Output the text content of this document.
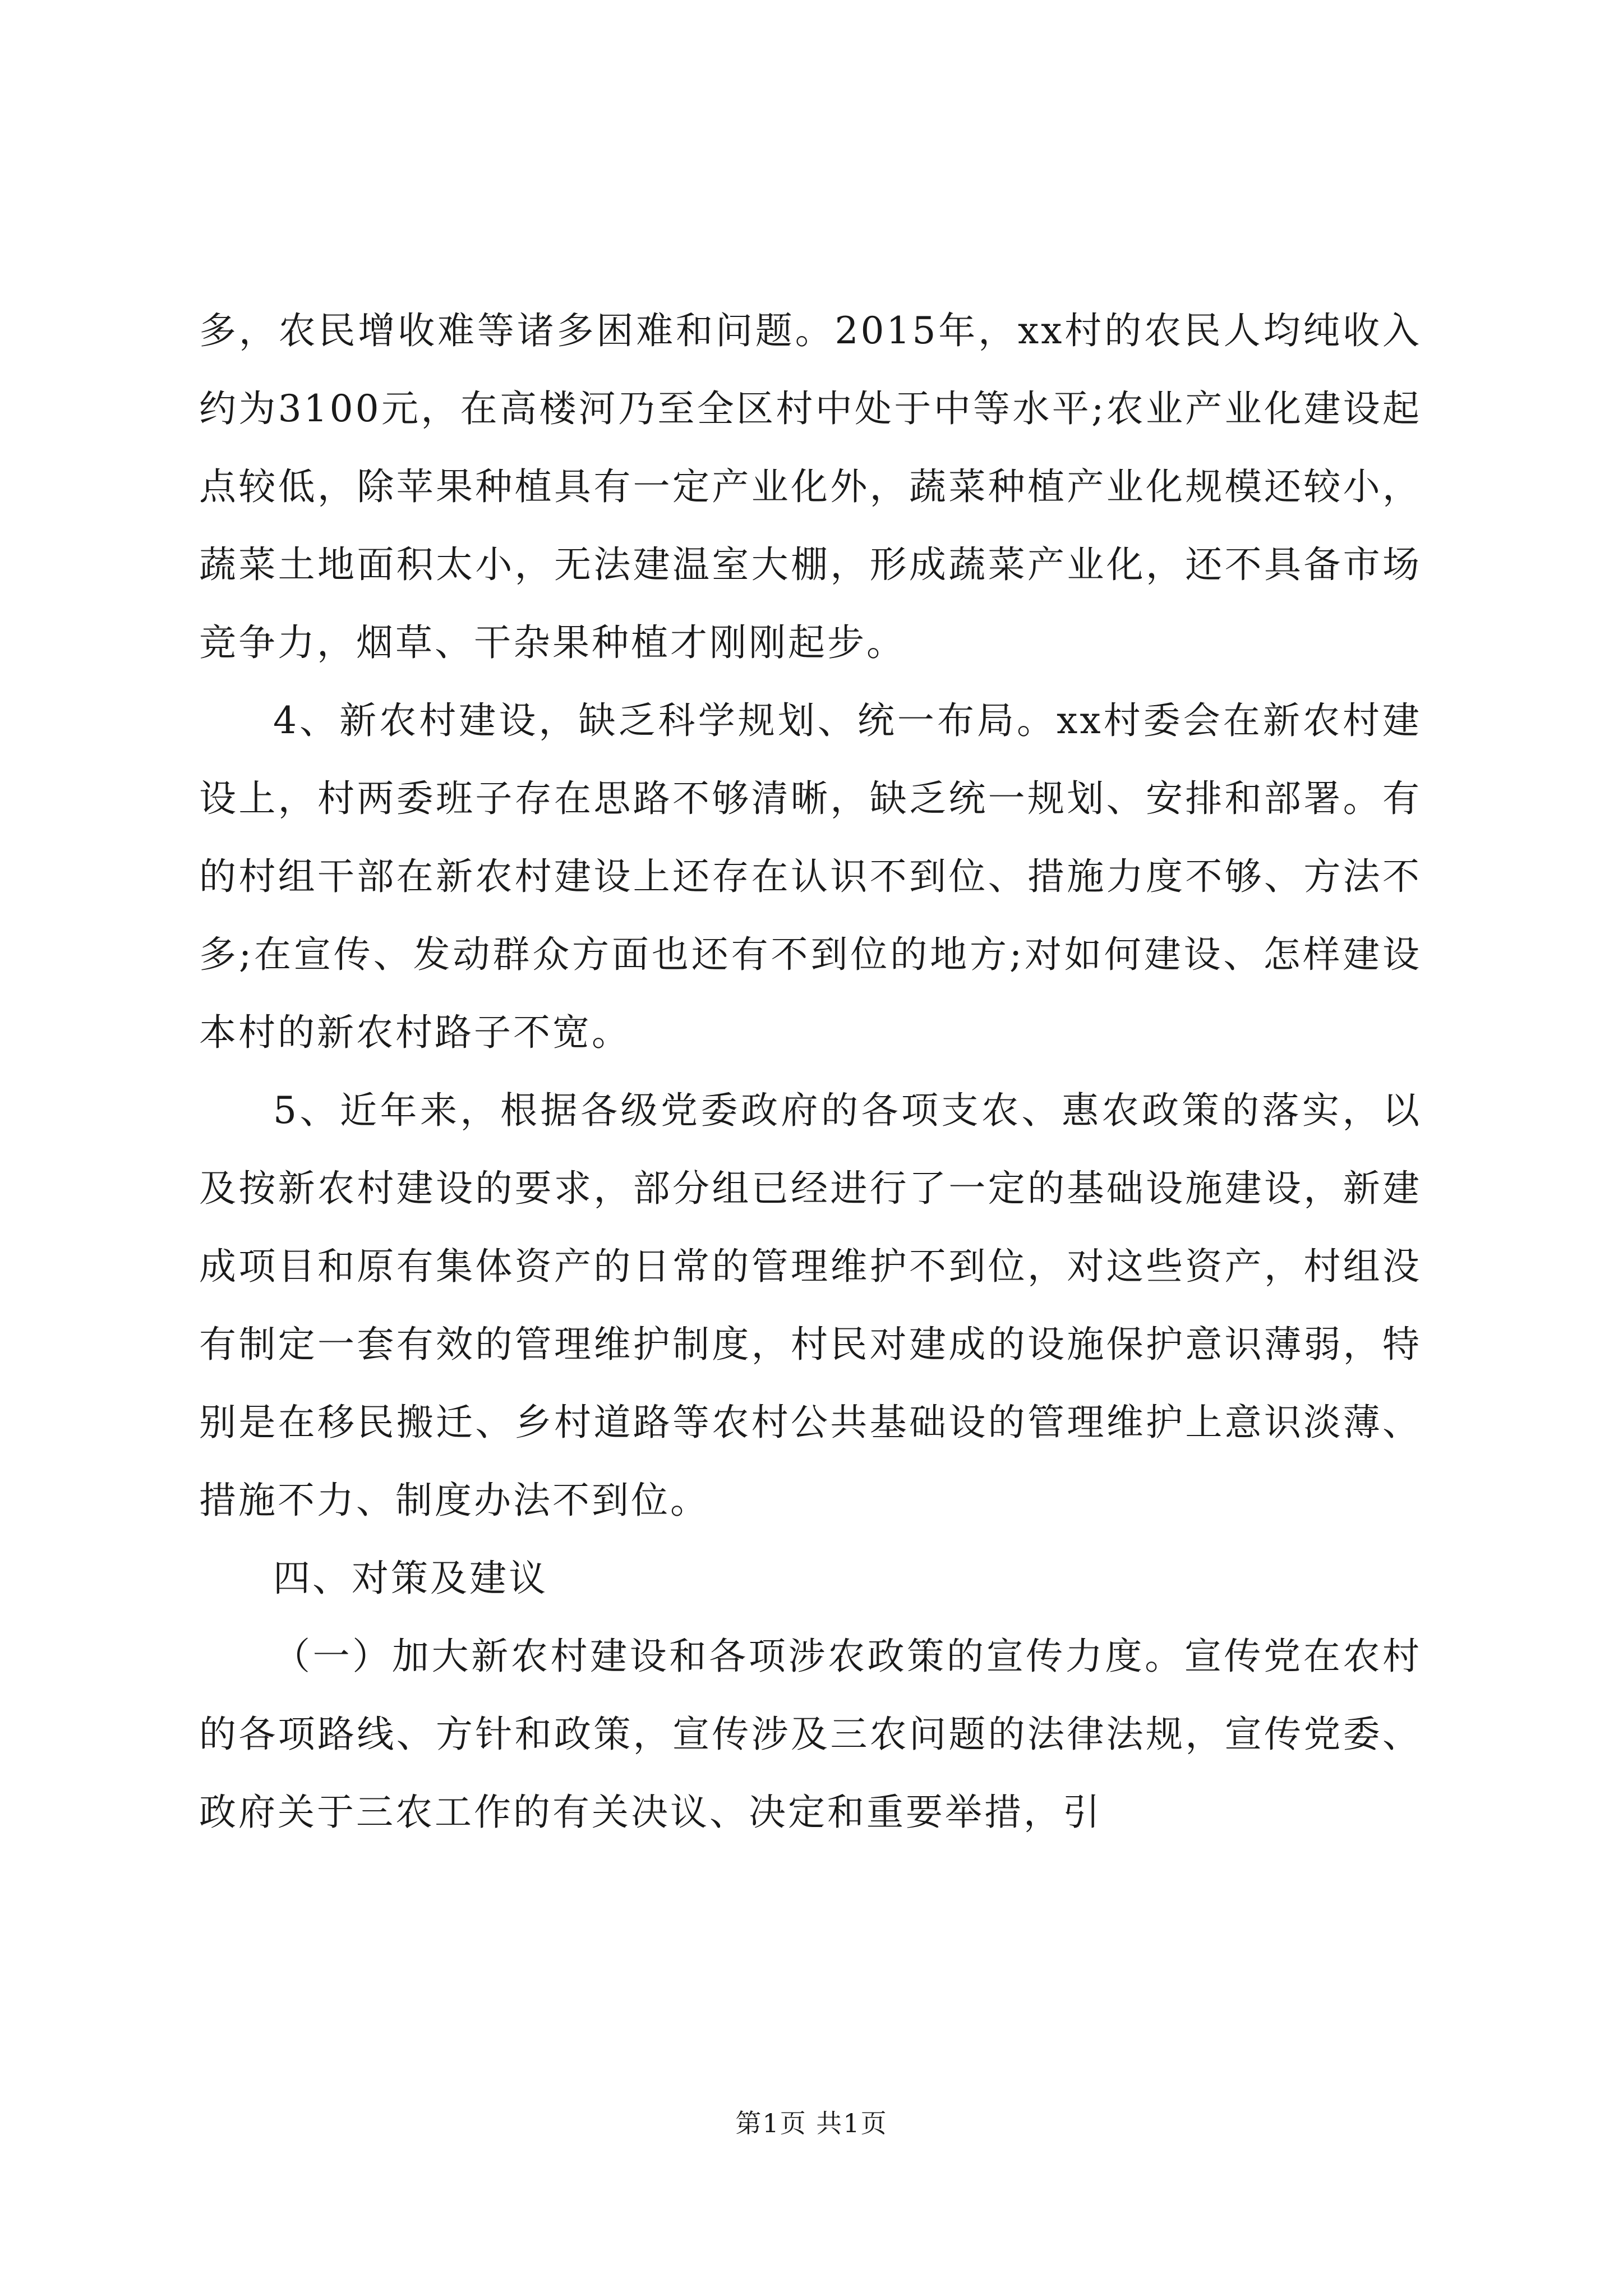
多，农民增收难等诸多困难和问题。2015年，xx村的农民人均纯收入约为3100元，在高楼河乃至全区村中处于中等水平;农业产业化建设起点较低，除苹果种植具有一定产业化外，蔬菜种植产业化规模还较小，蔬菜土地面积太小，无法建温室大棚，形成蔬菜产业化，还不具备市场竞争力，烟草、干杂果种植才刚刚起步。

4、新农村建设，缺乏科学规划、统一布局。xx村委会在新农村建设上，村两委班子存在思路不够清晰，缺乏统一规划、安排和部署。有的村组干部在新农村建设上还存在认识不到位、措施力度不够、方法不多;在宣传、发动群众方面也还有不到位的地方;对如何建设、怎样建设本村的新农村路子不宽。

5、近年来，根据各级党委政府的各项支农、惠农政策的落实，以及按新农村建设的要求，部分组已经进行了一定的基础设施建设，新建成项目和原有集体资产的日常的管理维护不到位，对这些资产，村组没有制定一套有效的管理维护制度，村民对建成的设施保护意识薄弱，特别是在移民搬迁、乡村道路等农村公共基础设的管理维护上意识淡薄、措施不力、制度办法不到位。

四、对策及建议

（一）加大新农村建设和各项涉农政策的宣传力度。宣传党在农村的各项路线、方针和政策，宣传涉及三农问题的法律法规，宣传党委、政府关于三农工作的有关决议、决定和重要举措，引

第1页 共1页
